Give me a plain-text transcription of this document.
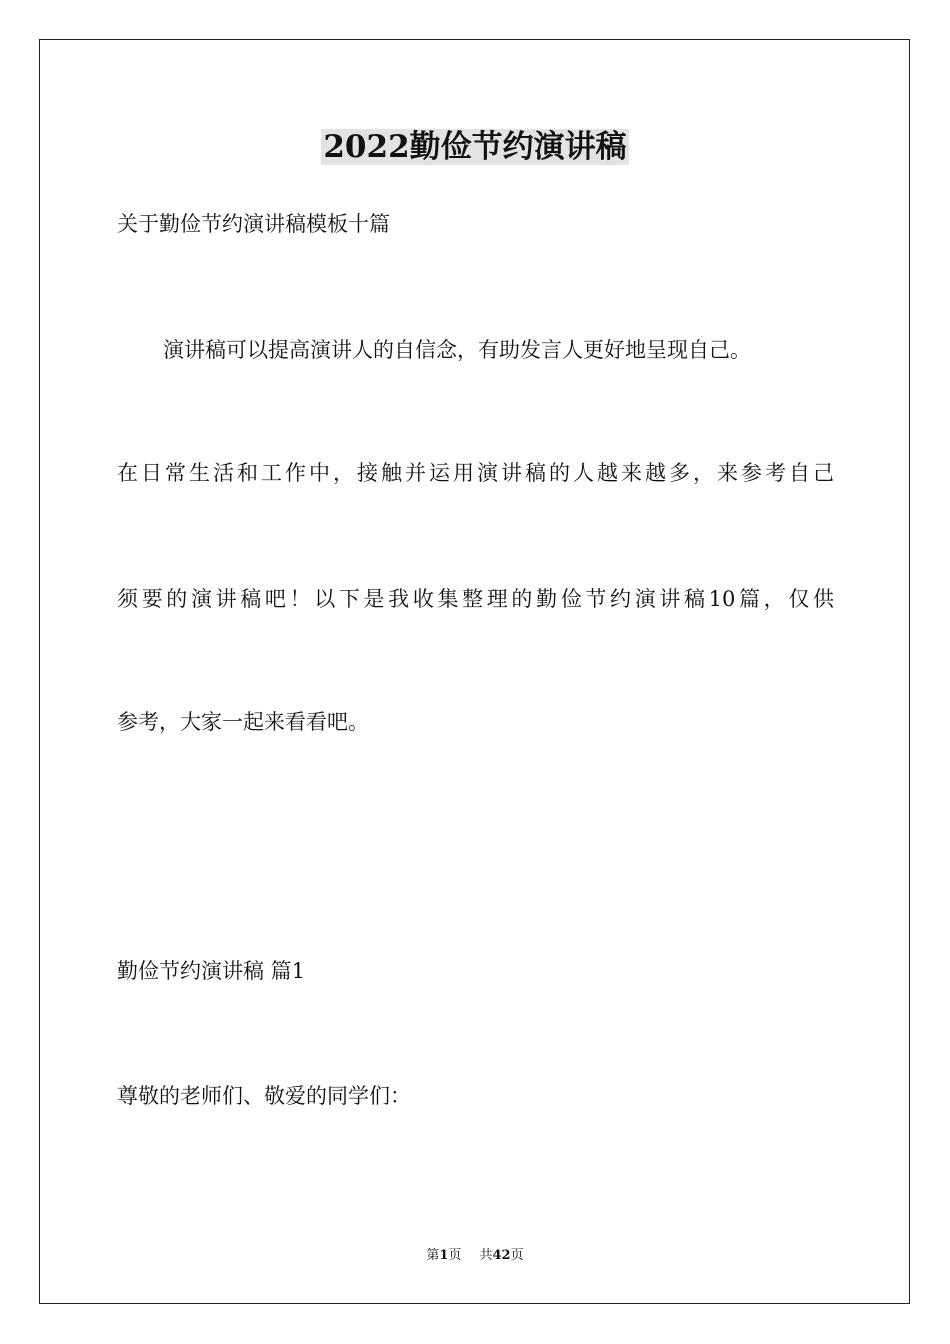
2022勤俭节约演讲稿
关于勤俭节约演讲稿模板十篇
演讲稿可以提高演讲人的自信念，有助发言人更好地呈现自己。
在日常生活和工作中，接触并运用演讲稿的人越来越多，来参考自己
须要的演讲稿吧！以下是我收集整理的勤俭节约演讲稿10篇，仅供
参考，大家一起来看看吧。
勤俭节约演讲稿 篇1
尊敬的老师们、敬爱的同学们：
第1页 共42页
